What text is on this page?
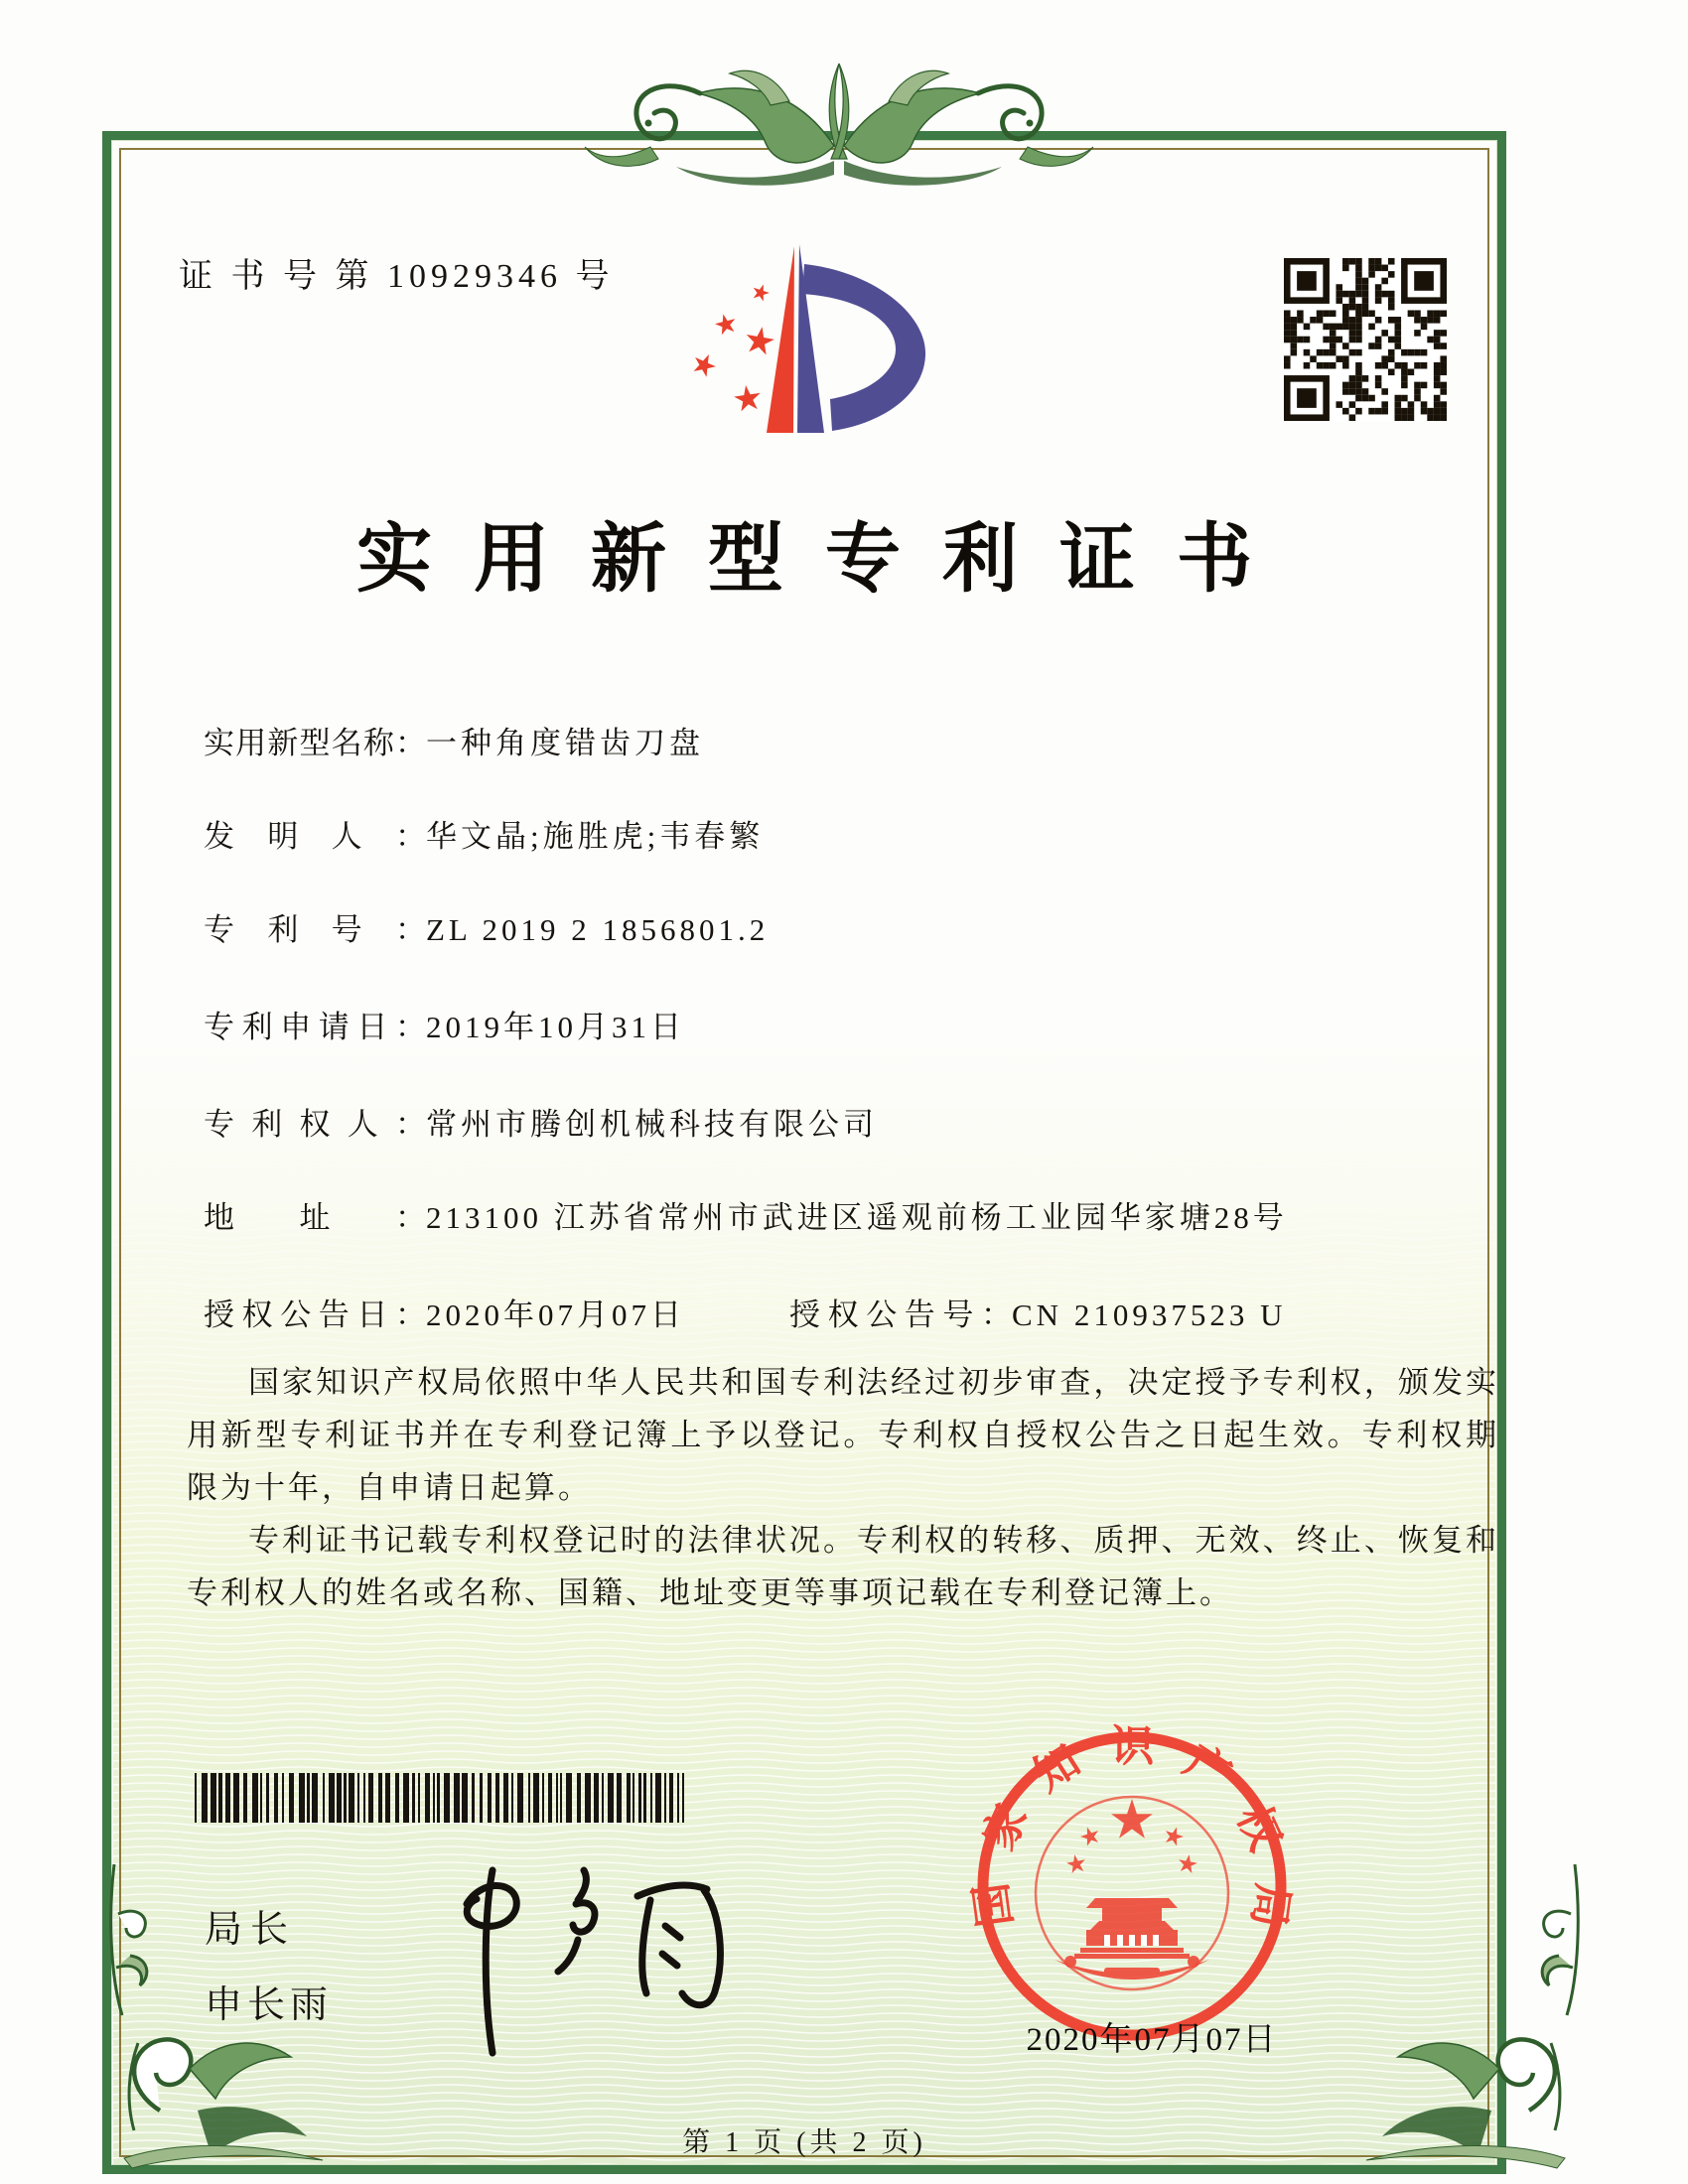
证 书 号 第 10929346 号
实用新型专利证书
实用新型名称：一种角度错齿刀盘
发明人：华文晶;施胜虎;韦春繁
专利号：ZL 2019 2 1856801.2
专利申请日：2019年10月31日
专利权人：常州市腾创机械科技有限公司
地址：213100 江苏省常州市武进区遥观前杨工业园华家塘28号
授权公告日：2020年07月07日	授权公告号：CN 210937523 U

国家知识产权局依照中华人民共和国专利法经过初步审查，决定授予专利权，颁发实用新型专利证书并在专利登记簿上予以登记。专利权自授权公告之日起生效。专利权期限为十年，自申请日起算。

专利证书记载专利权登记时的法律状况。专利权的转移、质押、无效、终止、恢复和专利权人的姓名或名称、国籍、地址变更等事项记载在专利登记簿上。

局长
申长雨
国家知识产权局
2020年07月07日
第 1 页 (共 2 页)
